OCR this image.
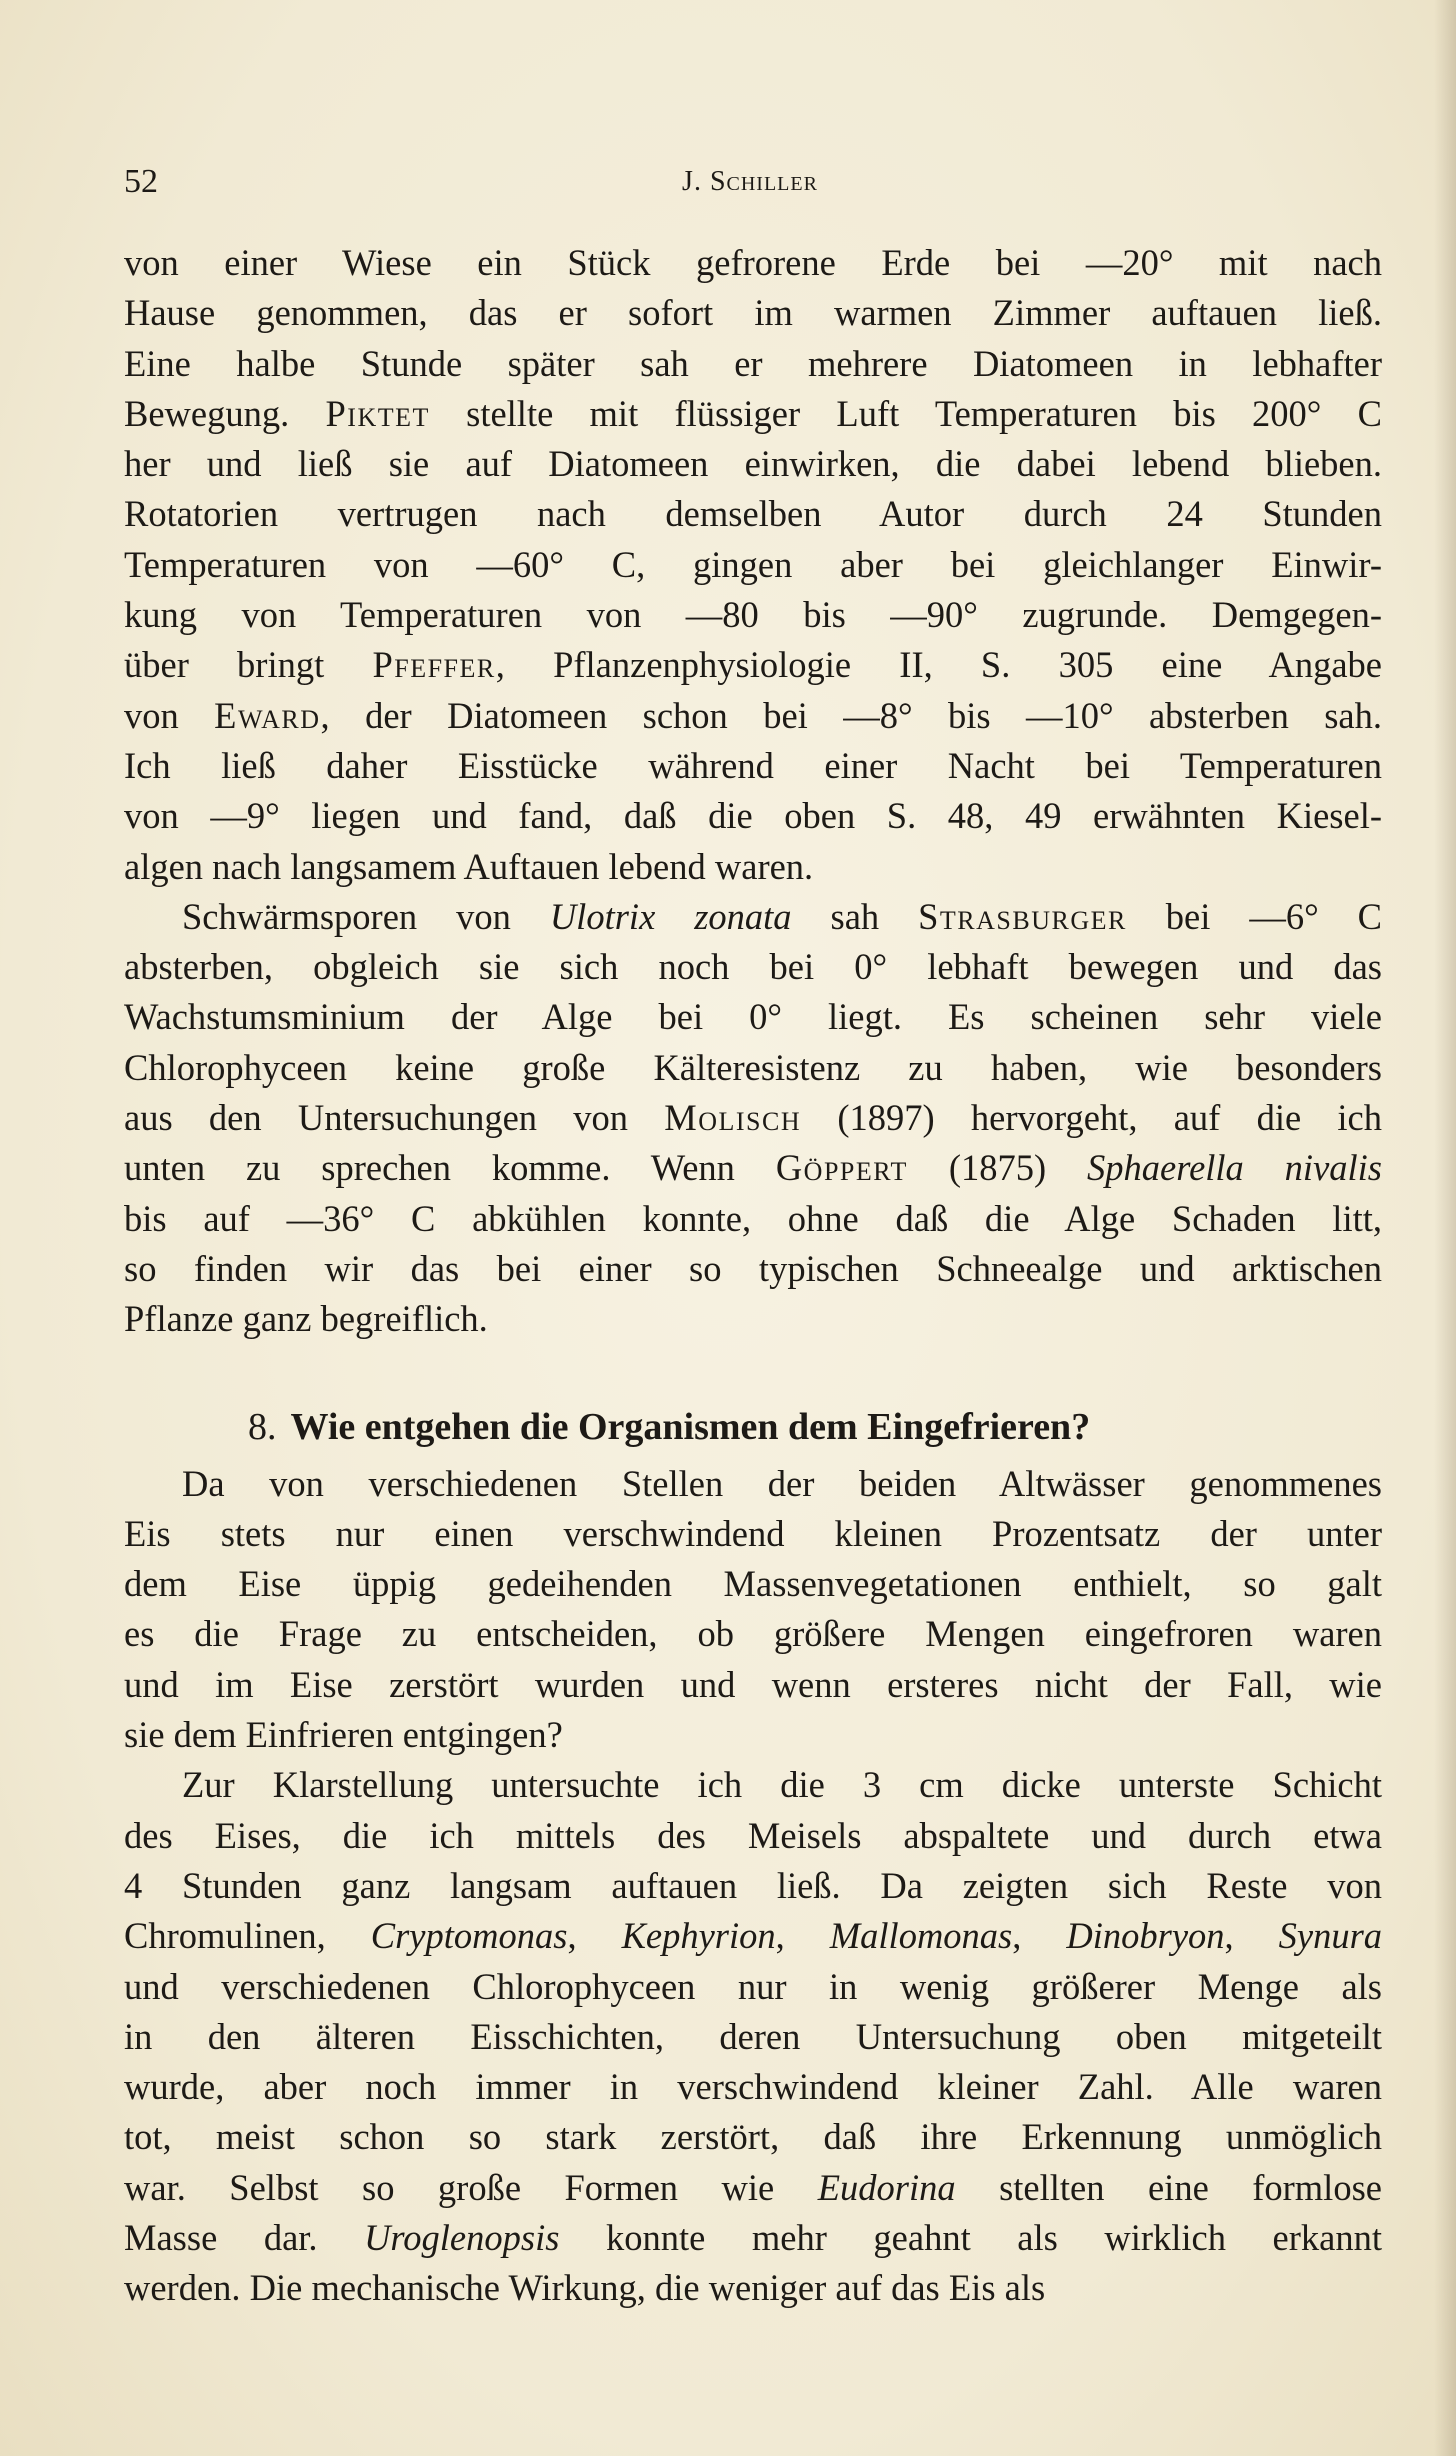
52	J. Schiller
von einer Wiese ein Stück gefrorene Erde bei —20° mit nach
Hause genommen, das er sofort im warmen Zimmer auftauen ließ.
Eine halbe Stunde später sah er mehrere Diatomeen in lebhafter
Bewegung. Piktet stellte mit flüssiger Luft Temperaturen bis 200° C
her und ließ sie auf Diatomeen einwirken, die dabei lebend blieben.
Rotatorien vertrugen nach demselben Autor durch 24 Stunden
Temperaturen von —60° C, gingen aber bei gleichlanger Einwir-
kung von Temperaturen von —80 bis —90° zugrunde. Demgegen-
über bringt Pfeffer, Pflanzenphysiologie II, S. 305 eine Angabe
von Eward, der Diatomeen schon bei —8° bis —10° absterben sah.
Ich ließ daher Eisstücke während einer Nacht bei Temperaturen
von —9° liegen und fand, daß die oben S. 48, 49 erwähnten Kiesel-
algen nach langsamem Auftauen lebend waren.
Schwärmsporen von Ulotrix zonata sah Strasburger bei —6° C
absterben, obgleich sie sich noch bei 0° lebhaft bewegen und das
Wachstumsminium der Alge bei 0° liegt. Es scheinen sehr viele
Chlorophyceen keine große Kälteresistenz zu haben, wie besonders
aus den Untersuchungen von Molisch (1897) hervorgeht, auf die ich
unten zu sprechen komme. Wenn Göppert (1875) Sphaerella nivalis
bis auf —36° C abkühlen konnte, ohne daß die Alge Schaden litt,
so finden wir das bei einer so typischen Schneealge und arktischen
Pflanze ganz begreiflich.
8. Wie entgehen die Organismen dem Eingefrieren?
Da von verschiedenen Stellen der beiden Altwässer genommenes
Eis stets nur einen verschwindend kleinen Prozentsatz der unter
dem Eise üppig gedeihenden Massenvegetationen enthielt, so galt
es die Frage zu entscheiden, ob größere Mengen eingefroren waren
und im Eise zerstört wurden und wenn ersteres nicht der Fall, wie
sie dem Einfrieren entgingen?
Zur Klarstellung untersuchte ich die 3 cm dicke unterste Schicht
des Eises, die ich mittels des Meisels abspaltete und durch etwa
4 Stunden ganz langsam auftauen ließ. Da zeigten sich Reste von
Chromulinen, Cryptomonas, Kephyrion, Mallomonas, Dinobryon, Synura
und verschiedenen Chlorophyceen nur in wenig größerer Menge als
in den älteren Eisschichten, deren Untersuchung oben mitgeteilt
wurde, aber noch immer in verschwindend kleiner Zahl. Alle waren
tot, meist schon so stark zerstört, daß ihre Erkennung unmöglich
war. Selbst so große Formen wie Eudorina stellten eine formlose
Masse dar. Uroglenopsis konnte mehr geahnt als wirklich erkannt
werden. Die mechanische Wirkung, die weniger auf das Eis als
